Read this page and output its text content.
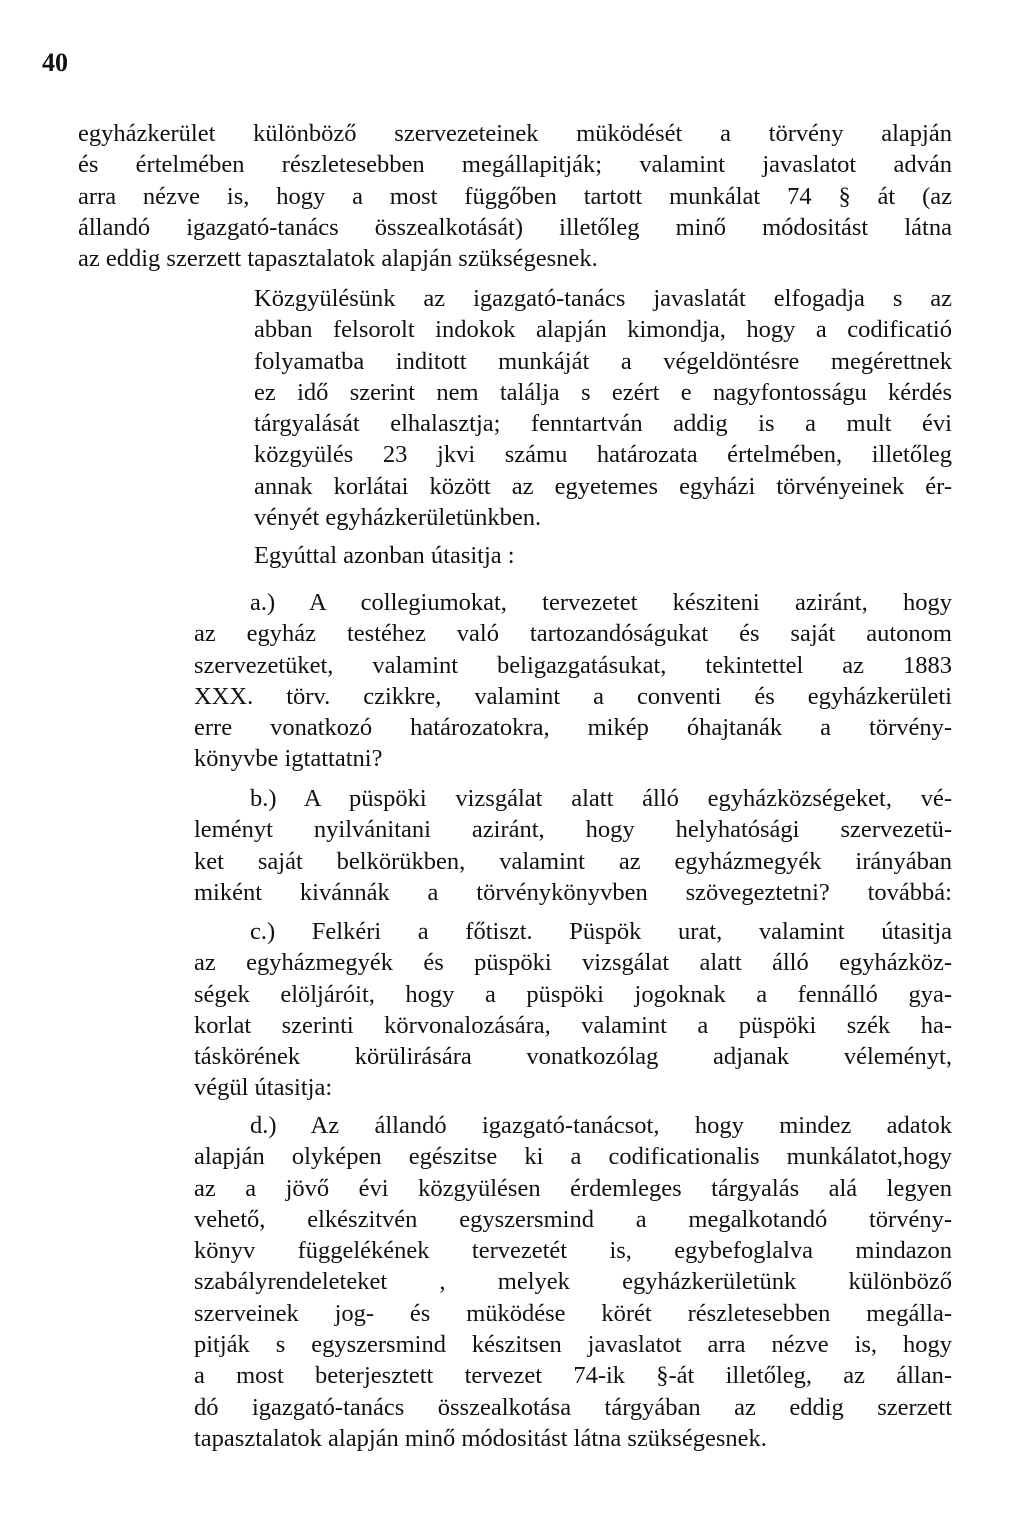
40
egyházkerület különböző szervezeteinek müködését a törvény alapján
és értelmében részletesebben megállapitják; valamint javaslatot adván
arra nézve is, hogy a most függőben tartott munkálat 74 § át (az
állandó igazgató-tanács összealkotását) illetőleg minő módositást látna
az eddig szerzett tapasztalatok alapján szükségesnek.
Közgyülésünk az igazgató-tanács javaslatát elfogadja s az
abban felsorolt indokok alapján kimondja, hogy a codificatió
folyamatba inditott munkáját a végeldöntésre megérettnek
ez idő szerint nem találja s ezért e nagyfontosságu kérdés
tárgyalását elhalasztja; fenntartván addig is a mult évi
közgyülés 23 jkvi számu határozata értelmében, illetőleg
annak korlátai között az egyetemes egyházi törvényeinek ér-
vényét egyházkerületünkben.
Egyúttal azonban útasitja :
a.) A collegiumokat, tervezetet késziteni aziránt, hogy
az egyház testéhez való tartozandóságukat és saját autonom
szervezetüket, valamint beligazgatásukat, tekintettel az 1883
XXX. törv. czikkre, valamint a conventi és egyházkerületi
erre vonatkozó határozatokra, mikép óhajtanák a törvény-
könyvbe igtattatni?
b.) A püspöki vizsgálat alatt álló egyházközségeket, vé-
leményt nyilvánitani aziránt, hogy helyhatósági szervezetü-
ket saját belkörükben, valamint az egyházmegyék irányában
miként kivánnák a törvénykönyvben szövegeztetni? továbbá:
c.) Felkéri a főtiszt. Püspök urat, valamint útasitja
az egyházmegyék és püspöki vizsgálat alatt álló egyházköz-
ségek elöljáróit, hogy a püspöki jogoknak a fennálló gya-
korlat szerinti körvonalozására, valamint a püspöki szék ha-
táskörének körülirására vonatkozólag adjanak véleményt,
végül útasitja:
d.) Az állandó igazgató-tanácsot, hogy mindez adatok
alapján olyképen egészitse ki a codificationalis munkálatot,hogy
az a jövő évi közgyülésen érdemleges tárgyalás alá legyen
vehető, elkészitvén egyszersmind a megalkotandó törvény-
könyv függelékének tervezetét is, egybefoglalva mindazon
szabályrendeleteket , melyek egyházkerületünk különböző
szerveinek jog- és müködése körét részletesebben megálla-
pitják s egyszersmind készitsen javaslatot arra nézve is, hogy
a most beterjesztett tervezet 74-ik §-át illetőleg, az állan-
dó igazgató-tanács összealkotása tárgyában az eddig szerzett
tapasztalatok alapján minő módositást látna szükségesnek.
